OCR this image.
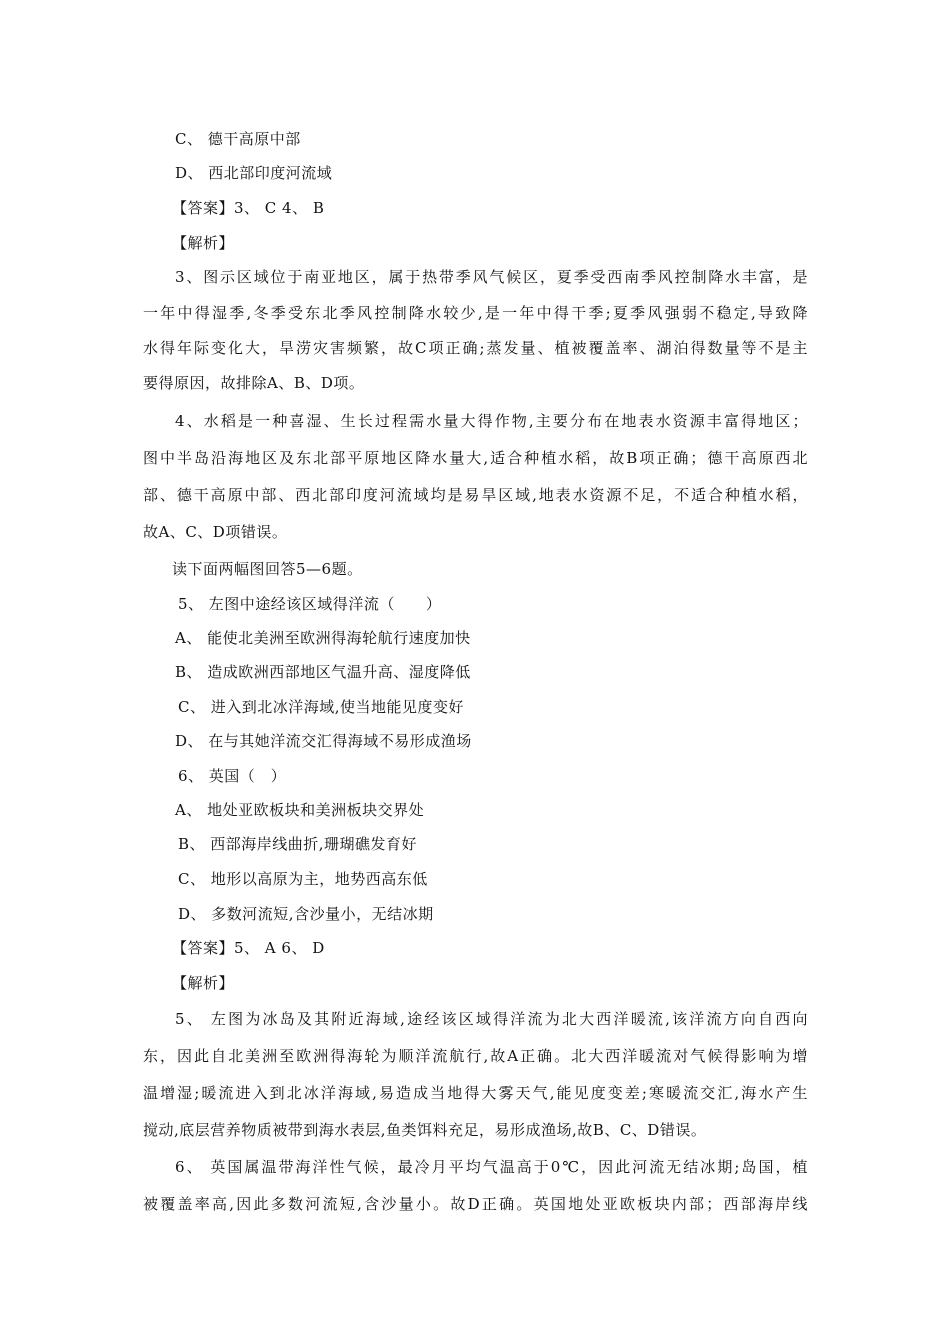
C、 德干高原中部
D、 西北部印度河流域
【答案】3、 C 4、 B
【解析】
3、图示区域位于南亚地区，属于热带季风气候区，夏季受西南季风控制降水丰富，是
一年中得湿季,冬季受东北季风控制降水较少,是一年中得干季;夏季风强弱不稳定,导致降
水得年际变化大，旱涝灾害频繁，故C项正确;蒸发量、植被覆盖率、湖泊得数量等不是主
要得原因，故排除A、B、D项。
4、水稻是一种喜湿、生长过程需水量大得作物,主要分布在地表水资源丰富得地区；
图中半岛沿海地区及东北部平原地区降水量大,适合种植水稻，故B项正确；德干高原西北
部、德干高原中部、西北部印度河流域均是易旱区域,地表水资源不足，不适合种植水稻，
故A、C、D项错误。
读下面两幅图回答5—6题。
5、 左图中途经该区域得洋流（　　）
A、 能使北美洲至欧洲得海轮航行速度加快
B、 造成欧洲西部地区气温升高、湿度降低
C、 进入到北冰洋海域,使当地能见度变好
D、 在与其她洋流交汇得海域不易形成渔场
6、 英国（　）
A、 地处亚欧板块和美洲板块交界处
B、 西部海岸线曲折,珊瑚礁发育好
C、 地形以高原为主，地势西高东低
D、 多数河流短,含沙量小，无结冰期
【答案】5、 A 6、 D
【解析】
5、 左图为冰岛及其附近海域,途经该区域得洋流为北大西洋暖流,该洋流方向自西向
东，因此自北美洲至欧洲得海轮为顺洋流航行,故A正确。北大西洋暖流对气候得影响为增
温增湿;暖流进入到北冰洋海域,易造成当地得大雾天气,能见度变差;寒暖流交汇,海水产生
搅动,底层营养物质被带到海水表层,鱼类饵料充足，易形成渔场,故B、C、D错误。
6、 英国属温带海洋性气候，最冷月平均气温高于0℃，因此河流无结冰期;岛国，植
被覆盖率高,因此多数河流短,含沙量小。故D正确。英国地处亚欧板块内部；西部海岸线
